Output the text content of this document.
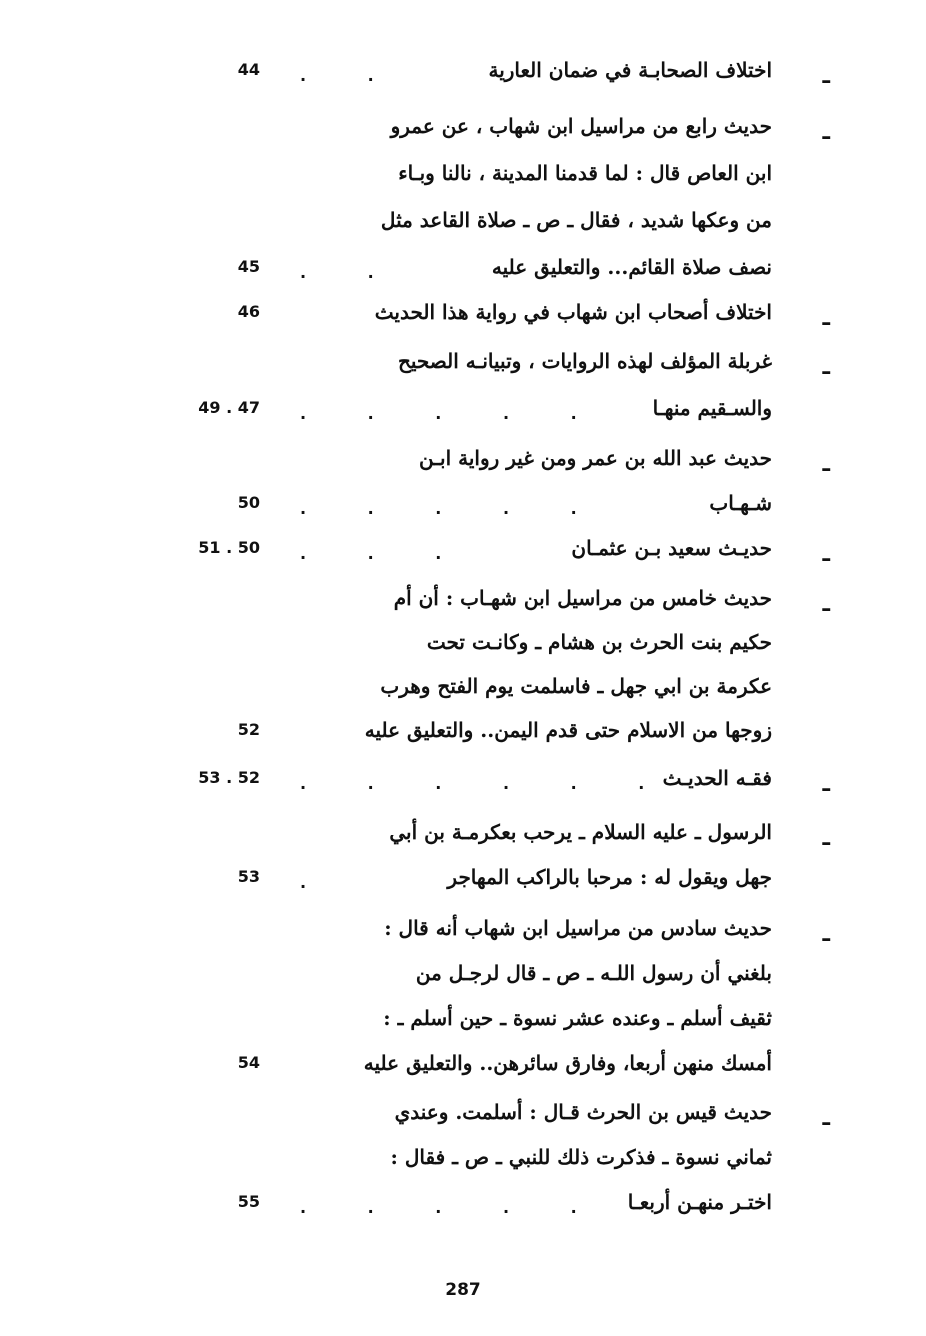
ـ
اختلاف الصحابـة في ضمان العارية
. .
44
ـ
حديث رابع من مراسيل ابن شهاب ، عن عمرو
ابن العاص قال : لما قدمنا المدينة ، نالنا وبـاء
من وعكها شديد ، فقال ـ ص ـ صلاة القاعد مثل
نصف صلاة القائم... والتعليق عليه
. .
45
ـ
اختلاف أصحاب ابن شهاب في رواية هذا الحديث
46
ـ
غربلة المؤلف لهذه الروايات ، وتبيانـه الصحيح
والسـقيم منهـا
. . . . .
49 . 47
ـ
حديث عبد الله بن عمر ومن غير رواية ابـن
شـهـاب
. . . . .
50
ـ
حديـث سعيد بـن عثمـان
. . .
51 . 50
ـ
حديث خامس من مراسيل ابن شهـاب : أن أم
حكيم بنت الحرث بن هشام ـ وكانـت تحت
عكرمة بن ابي جهل ـ فاسلمت يوم الفتح وهرب
زوجها من الاسلام حتى قدم اليمن.. والتعليق عليه
52
ـ
فقـه الحديـث
. . . . . .
53 . 52
ـ
الرسول ـ عليه السلام ـ يرحب بعكرمـة بن أبي
جهل ويقول له : مرحبا بالراكب المهاجر
.
53
ـ
حديث سادس من مراسيل ابن شهاب أنه قال :
بلغني أن رسول اللـه ـ ص ـ قال لرجـل من
ثقيف أسلم ـ وعنده عشر نسوة ـ حين أسلم ـ :
أمسك منهن أربعا، وفارق سائرهن.. والتعليق عليه
54
ـ
حديث قيس بن الحرث قـال : أسلمت. وعندي
ثماني نسوة ـ فذكرت ذلك للنبي ـ ص ـ فقال :
اختـر منهـن أربعـا
. . . . .
55
287
